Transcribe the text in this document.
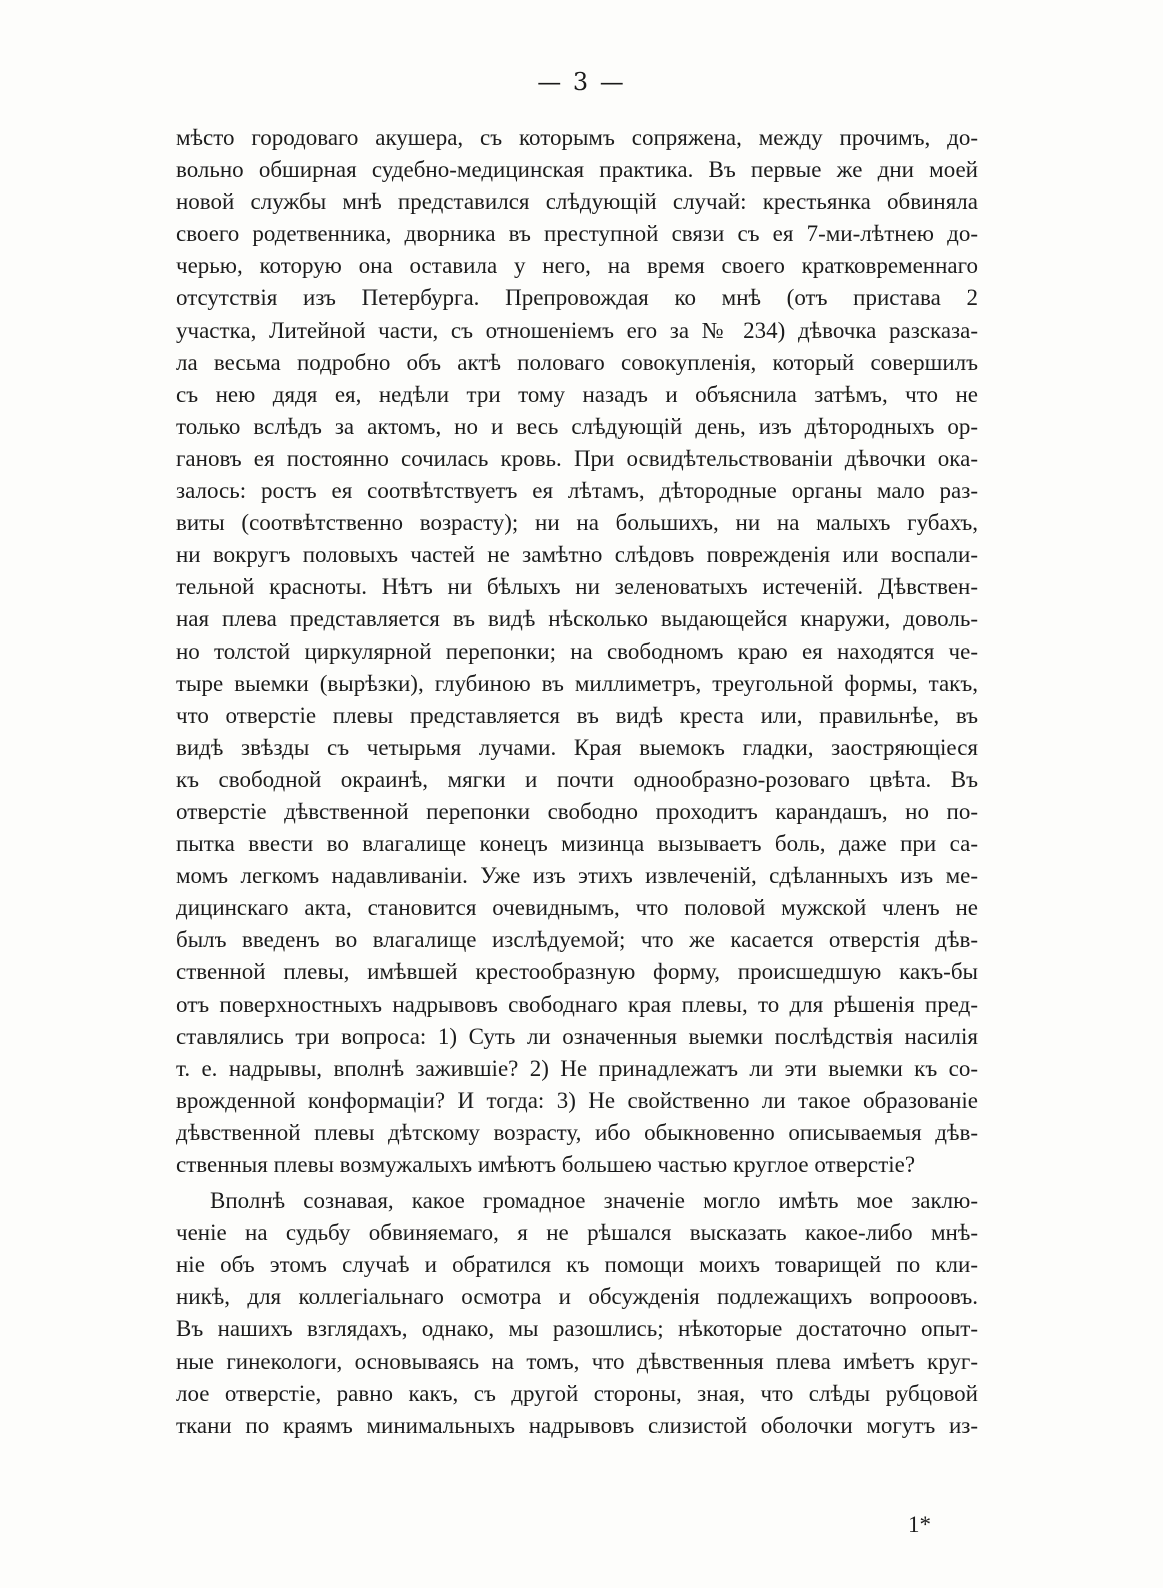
— 3 —
мѣсто городоваго акушера, съ которымъ сопряжена, между прочимъ, до-
вольно обширная судебно-медицинская практика. Въ первые же дни моей
новой службы мнѣ представился слѣдующій случай: крестьянка обвиняла
своего родетвенника, дворника въ преступной связи съ ея 7-ми-лѣтнею до-
черью, которую она оставила у него, на время своего кратковременнаго
отсутствія изъ Петербурга. Препровождая ко мнѣ (отъ пристава 2
участка, Литейной части, съ отношеніемъ его за № 234) дѣвочка разсказа-
ла весьма подробно объ актѣ половаго совокупленія, который совершилъ
съ нею дядя ея, недѣли три тому назадъ и объяснила затѣмъ, что не
только вслѣдъ за актомъ, но и весь слѣдующій день, изъ дѣтородныхъ ор-
гановъ ея постоянно сочилась кровь. При освидѣтельствованіи дѣвочки ока-
залось: ростъ ея соотвѣтствуетъ ея лѣтамъ, дѣтородные органы мало раз-
виты (соотвѣтственно возрасту); ни на большихъ, ни на малыхъ губахъ,
ни вокругъ половыхъ частей не замѣтно слѣдовъ поврежденія или воспали-
тельной красноты. Нѣтъ ни бѣлыхъ ни зеленоватыхъ истеченій. Дѣвствен-
ная плева представляется въ видѣ нѣсколько выдающейся кнаружи, доволь-
но толстой циркулярной перепонки; на свободномъ краю ея находятся че-
тыре выемки (вырѣзки), глубиною въ миллиметръ, треугольной формы, такъ,
что отверстіе плевы представляется въ видѣ креста или, правильнѣе, въ
видѣ звѣзды съ четырьмя лучами. Края выемокъ гладки, заостряющіеся
къ свободной окраинѣ, мягки и почти однообразно-розоваго цвѣта. Въ
отверстіе дѣвственной перепонки свободно проходитъ карандашъ, но по-
пытка ввести во влагалище конецъ мизинца вызываетъ боль, даже при са-
момъ легкомъ надавливаніи. Уже изъ этихъ извлеченій, сдѣланныхъ изъ ме-
дицинскаго акта, становится очевиднымъ, что половой мужской членъ не
былъ введенъ во влагалище изслѣдуемой; что же касается отверстія дѣв-
ственной плевы, имѣвшей крестообразную форму, происшедшую какъ-бы
отъ поверхностныхъ надрывовъ свободнаго края плевы, то для рѣшенія пред-
ставлялись три вопроса: 1) Суть ли означенныя выемки послѣдствія насилія
т. е. надрывы, вполнѣ зажившіе? 2) Не принадлежатъ ли эти выемки къ со-
врожденной конформаціи? И тогда: 3) Не свойственно ли такое образованіе
дѣвственной плевы дѣтскому возрасту, ибо обыкновенно описываемыя дѣв-
ственныя плевы возмужалыхъ имѣютъ большею частью круглое отверстіе?
Вполнѣ сознавая, какое громадное значеніе могло имѣть мое заклю-
ченіе на судьбу обвиняемаго, я не рѣшался высказать какое-либо мнѣ-
ніе объ этомъ случаѣ и обратился къ помощи моихъ товарищей по кли-
никѣ, для коллегіальнаго осмотра и обсужденія подлежащихъ вопрооовъ.
Въ нашихъ взглядахъ, однако, мы разошлись; нѣкоторые достаточно опыт-
ные гинекологи, основываясь на томъ, что дѣвственныя плева имѣетъ круг-
лое отверстіе, равно какъ, съ другой стороны, зная, что слѣды рубцовой
ткани по краямъ минимальныхъ надрывовъ слизистой оболочки могутъ из-
1*
